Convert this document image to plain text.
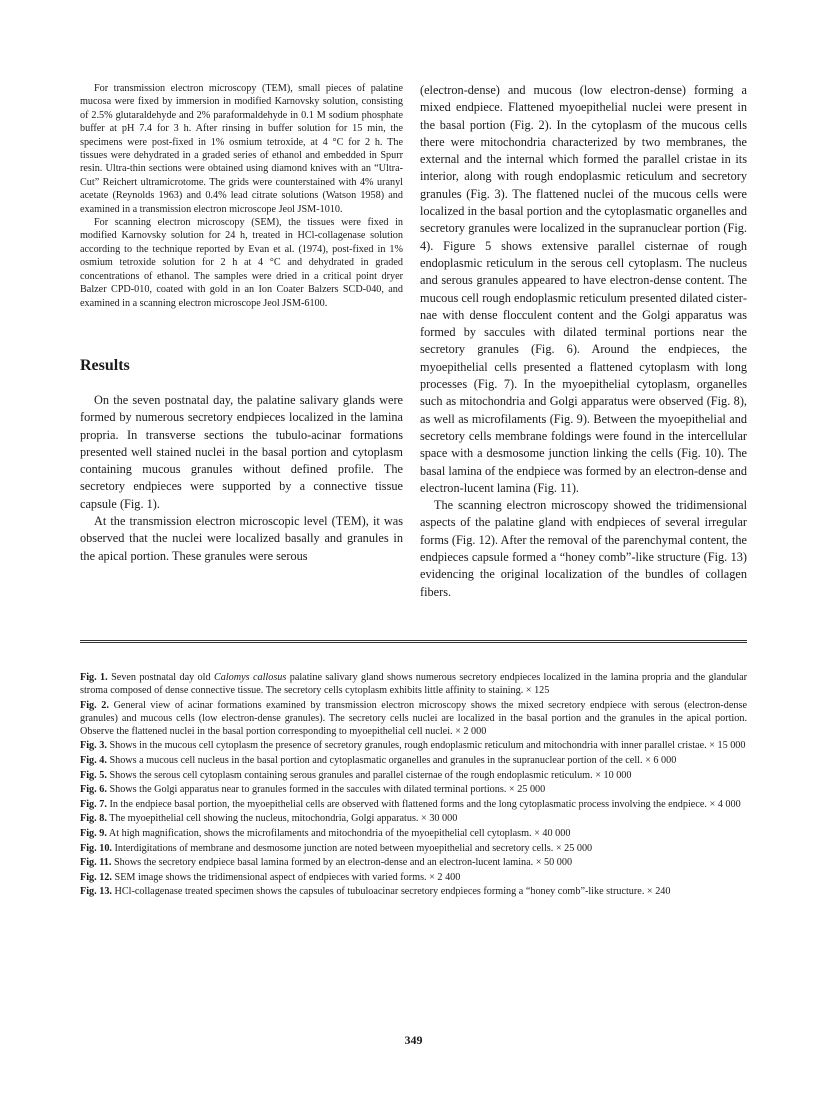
For transmission electron microscopy (TEM), small pieces of palatine mucosa were fixed by immersion in modified Karnovsky solution, consisting of 2.5% glutaraldehyde and 2% paraformaldehyde in 0.1 M sodium phosphate buffer at pH 7.4 for 3 h. After rinsing in buffer solution for 15 min, the specimens were post-fixed in 1% osmium tetroxide, at 4 °C for 2 h. The tissues were dehydrated in a graded series of ethanol and embedded in Spurr resin. Ultra-thin sections were obtained using diamond knives with an “Ultra-Cut” Reichert ultramicrotome. The grids were counterstained with 4% uranyl acetate (Reynolds 1963) and 0.4% lead citrate solutions (Watson 1958) and examined in a transmission electron microscope Jeol JSM-1010.

For scanning electron microscopy (SEM), the tissues were fixed in modified Karnovsky solution for 24 h, treated in HCl-collagenase solution according to the technique reported by Evan et al. (1974), post-fixed in 1% osmium tetroxide solution for 2 h at 4 °C and dehydrated in graded concentrations of ethanol. The samples were dried in a critical point dryer Balzer CPD-010, coated with gold in an Ion Coater Balzers SCD-040, and examined in a scanning electron microscope Jeol JSM-6100.

Results

On the seven postnatal day, the palatine salivary glands were formed by numerous secretory endpieces localized in the lamina propria. In transverse sections the tubulo-acinar formations presented well stained nuclei in the basal portion and cytoplasm containing mucous granules without defined profile. The secretory endpieces were supported by a connective tissue capsule (Fig. 1).

At the transmission electron microscopic level (TEM), it was observed that the nuclei were localized basally and granules in the apical portion. These granules were serous

(electron-dense) and mucous (low electron-dense) forming a mixed endpiece. Flattened myoepithelial nuclei were present in the basal portion (Fig. 2). In the cytoplasm of the mucous cells there were mitochondria characterized by two membranes, the external and the internal which formed the parallel cristae in its interior, along with rough endoplasmic reticulum and secretory granules (Fig. 3). The flattened nuclei of the mucous cells were localized in the basal portion and the cytoplasmatic organelles and secretory granules were localized in the supranuclear portion (Fig. 4). Figure 5 shows extensive parallel cisternae of rough endoplasmic reticulum in the serous cell cytoplasm. The nucleus and serous granules appeared to have electron-dense content. The mucous cell rough endoplasmic reticulum presented dilated cisternae with dense flocculent content and the Golgi apparatus was formed by saccules with dilated terminal portions near the secretory granules (Fig. 6). Around the endpieces, the myoepithelial cells presented a flattened cytoplasm with long processes (Fig. 7). In the myoepithelial cytoplasm, organelles such as mitochondria and Golgi apparatus were observed (Fig. 8), as well as microfilaments (Fig. 9). Between the myoepithelial and secretory cells membrane foldings were found in the intercellular space with a desmosome junction linking the cells (Fig. 10). The basal lamina of the endpiece was formed by an electron-dense and electron-lucent lamina (Fig. 11).

The scanning electron microscopy showed the tridimensional aspects of the palatine gland with endpieces of several irregular forms (Fig. 12). After the removal of the parenchymal content, the endpieces capsule formed a “honey comb”-like structure (Fig. 13) evidencing the original localization of the bundles of collagen fibers.

Fig. 1. Seven postnatal day old Calomys callosus palatine salivary gland shows numerous secretory endpieces localized in the lamina propria and the glandular stroma composed of dense connective tissue. The secretory cells cytoplasm exhibits little affinity to staining. × 125

Fig. 2. General view of acinar formations examined by transmission electron microscopy shows the mixed secretory endpiece with serous (electron-dense granules) and mucous cells (low electron-dense granules). The secretory cells nuclei are localized in the basal portion and the granules in the apical portion. Observe the flattened nuclei in the basal portion corresponding to myoepithelial cell nuclei. × 2 000

Fig. 3. Shows in the mucous cell cytoplasm the presence of secretory granules, rough endoplasmic reticulum and mitochondria with inner parallel cristae. × 15 000

Fig. 4. Shows a mucous cell nucleus in the basal portion and cytoplasmatic organelles and granules in the supranuclear portion of the cell. × 6 000

Fig. 5. Shows the serous cell cytoplasm containing serous granules and parallel cisternae of the rough endoplasmic reticulum. × 10 000

Fig. 6. Shows the Golgi apparatus near to granules formed in the saccules with dilated terminal portions. × 25 000

Fig. 7. In the endpiece basal portion, the myoepithelial cells are observed with flattened forms and the long cytoplasmatic process involving the endpiece. × 4 000

Fig. 8. The myoepithelial cell showing the nucleus, mitochondria, Golgi apparatus. × 30 000

Fig. 9. At high magnification, shows the microfilaments and mitochondria of the myoepithelial cell cytoplasm. × 40 000

Fig. 10. Interdigitations of membrane and desmosome junction are noted between myoepithelial and secretory cells. × 25 000

Fig. 11. Shows the secretory endpiece basal lamina formed by an electron-dense and an electron-lucent lamina. × 50 000

Fig. 12. SEM image shows the tridimensional aspect of endpieces with varied forms. × 2 400

Fig. 13. HCl-collagenase treated specimen shows the capsules of tubuloacinar secretory endpieces forming a “honey comb”-like structure. × 240

349
